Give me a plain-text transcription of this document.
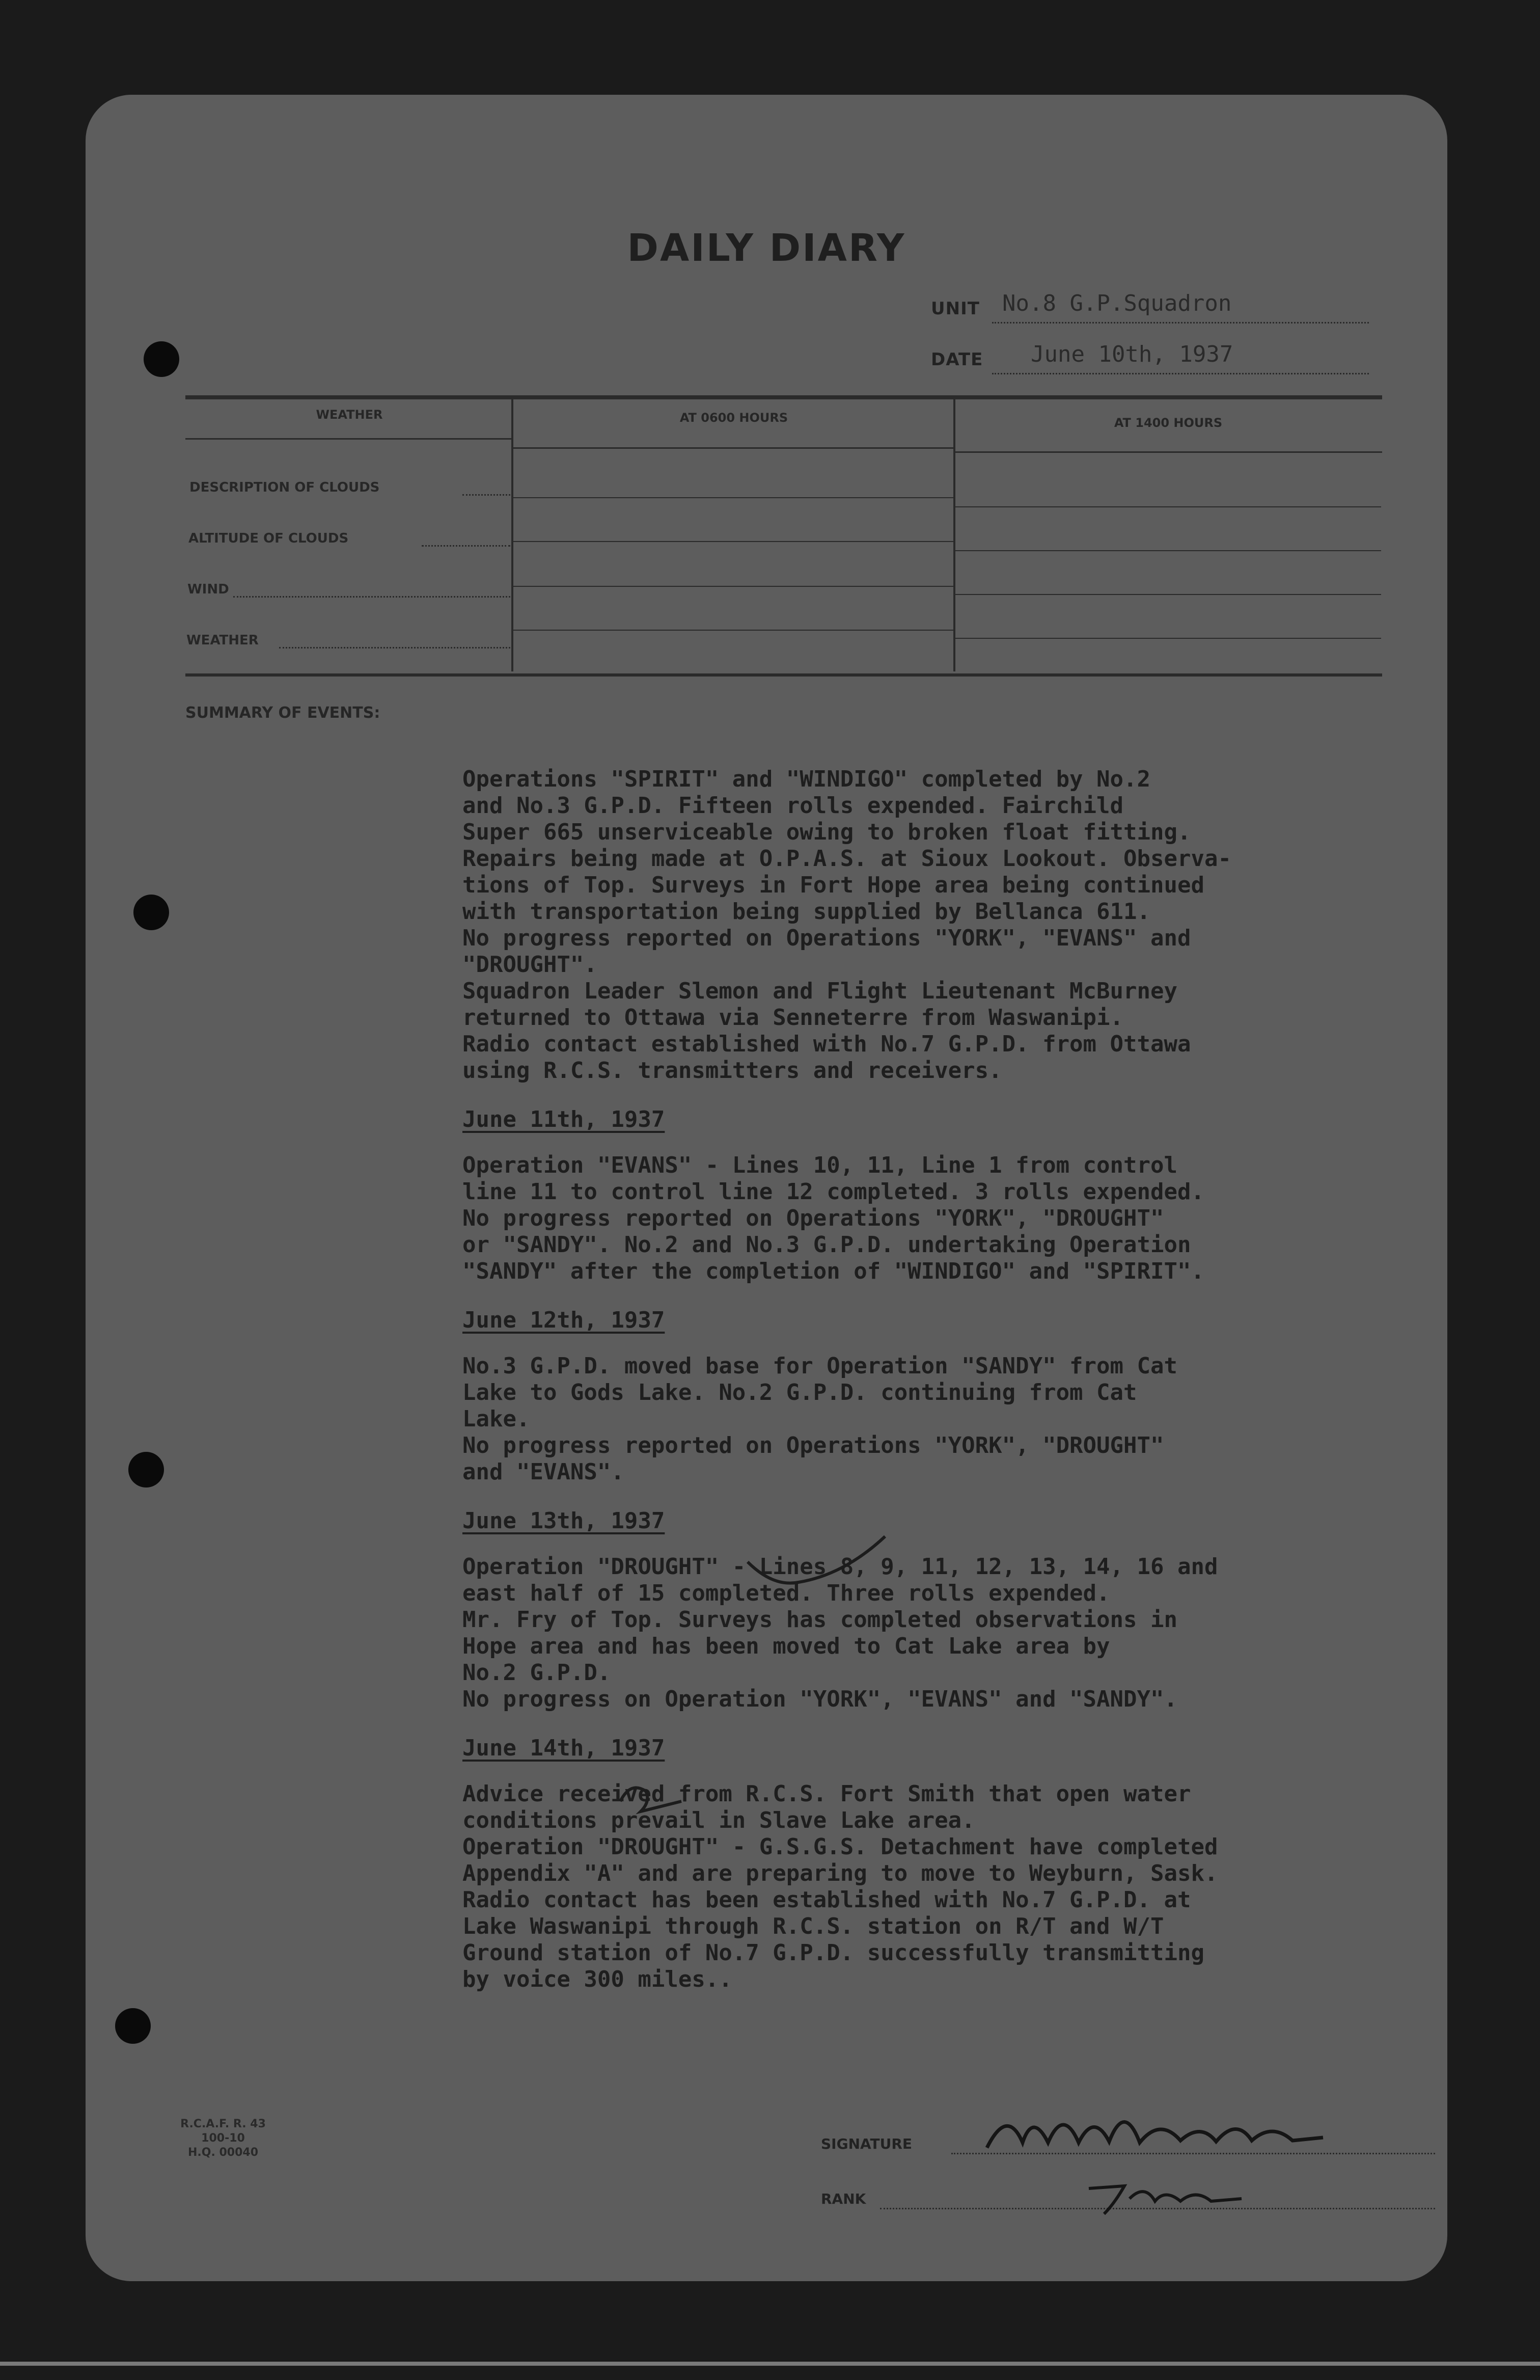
DAILY DIARY
UNIT No.8 G.P.Squadron
DATE June 10th, 1937
WEATHER	AT 0600 HOURS	AT 1400 HOURS
DESCRIPTION OF CLOUDS
ALTITUDE OF CLOUDS
WIND
WEATHER
SUMMARY OF EVENTS:
Operations "SPIRIT" and "WINDIGO" completed by No.2
and No.3 G.P.D. Fifteen rolls expended. Fairchild
Super 665 unserviceable owing to broken float fitting.
Repairs being made at O.P.A.S. at Sioux Lookout. Observa-
tions of Top. Surveys in Fort Hope area being continued
with transportation being supplied by Bellanca 611.
No progress reported on Operations "YORK", "EVANS" and
"DROUGHT".
Squadron Leader Slemon and Flight Lieutenant McBurney
returned to Ottawa via Senneterre from Waswanipi.
Radio contact established with No.7 G.P.D. from Ottawa
using R.C.S. transmitters and receivers.
June 11th, 1937
Operation "EVANS" - Lines 10, 11, Line 1 from control
line 11 to control line 12 completed. 3 rolls expended.
No progress reported on Operations "YORK", "DROUGHT"
or "SANDY". No.2 and No.3 G.P.D. undertaking Operation
"SANDY" after the completion of "WINDIGO" and "SPIRIT".
June 12th, 1937
No.3 G.P.D. moved base for Operation "SANDY" from Cat
Lake to Gods Lake. No.2 G.P.D. continuing from Cat
Lake.
No progress reported on Operations "YORK", "DROUGHT"
and "EVANS".
June 13th, 1937
Operation "DROUGHT" - Lines 8, 9, 11, 12, 13, 14, 16 and
east half of 15 completed. Three rolls expended.
Mr. Fry of Top. Surveys has completed observations in
Hope area and has been moved to Cat Lake area by
No.2 G.P.D.
No progress on Operation "YORK", "EVANS" and "SANDY".
June 14th, 1937
Advice received from R.C.S. Fort Smith that open water
conditions prevail in Slave Lake area.
Operation "DROUGHT" - G.S.G.S. Detachment have completed
Appendix "A" and are preparing to move to Weyburn, Sask.
Radio contact has been established with No.7 G.P.D. at
Lake Waswanipi through R.C.S. station on R/T and W/T
Ground station of No.7 G.P.D. successfully transmitting
by voice 300 miles..
R.C.A.F. R. 43
100-10
H.Q. 00040
SIGNATURE
RANK
